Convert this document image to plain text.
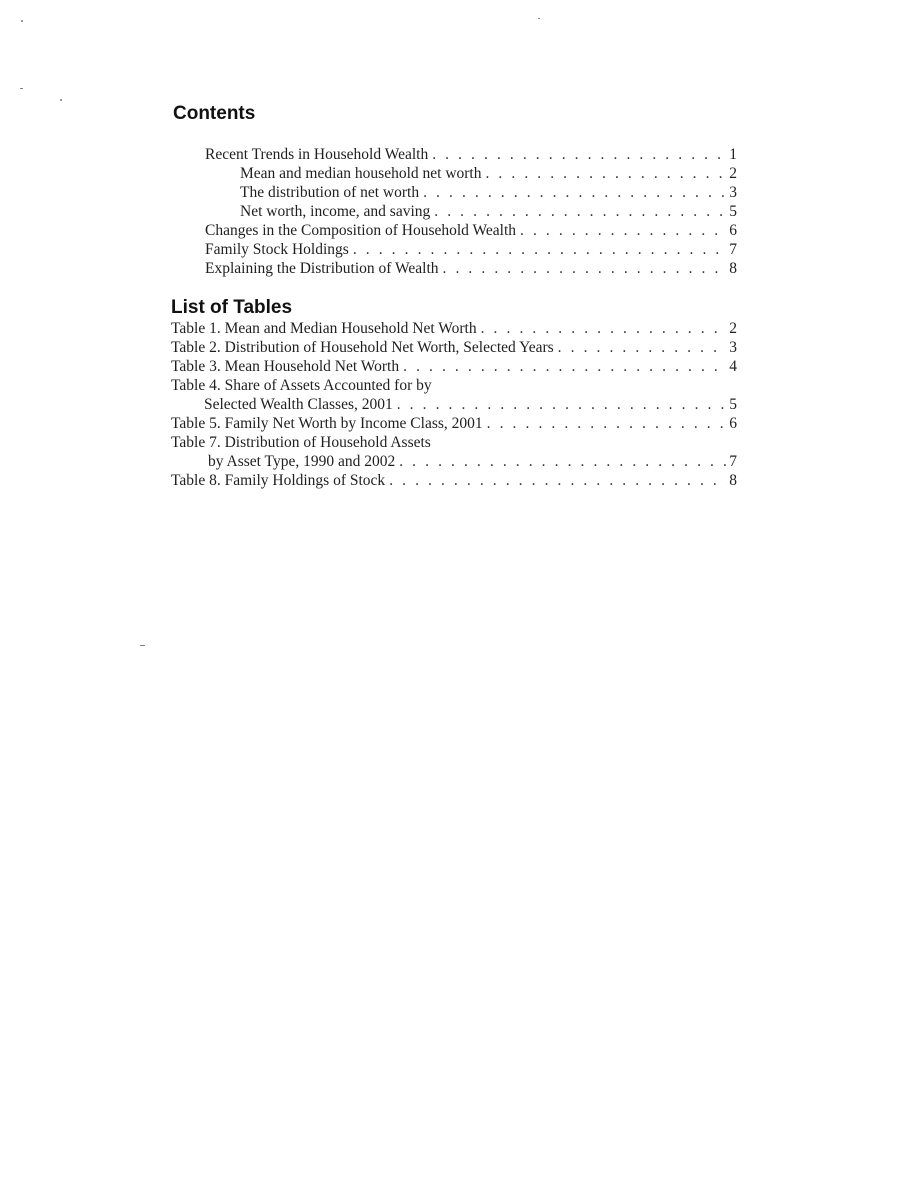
Contents
Recent Trends in Household Wealth . . .	1
Mean and median household net worth . . .	2
The distribution of net worth . . .	3
Net worth, income, and saving . . .	5
Changes in the Composition of Household Wealth . . .	6
Family Stock Holdings . . .	7
Explaining the Distribution of Wealth . . .	8
List of Tables
Table 1. Mean and Median Household Net Worth . . .	2
Table 2. Distribution of Household Net Worth, Selected Years . . .	3
Table 3. Mean Household Net Worth . . .	4
Table 4. Share of Assets Accounted for by
Selected Wealth Classes, 2001 . . .	5
Table 5. Family Net Worth by Income Class, 2001 . . .	6
Table 7. Distribution of Household Assets
by Asset Type, 1990 and 2002 . . .	7
Table 8. Family Holdings of Stock . . .	8
